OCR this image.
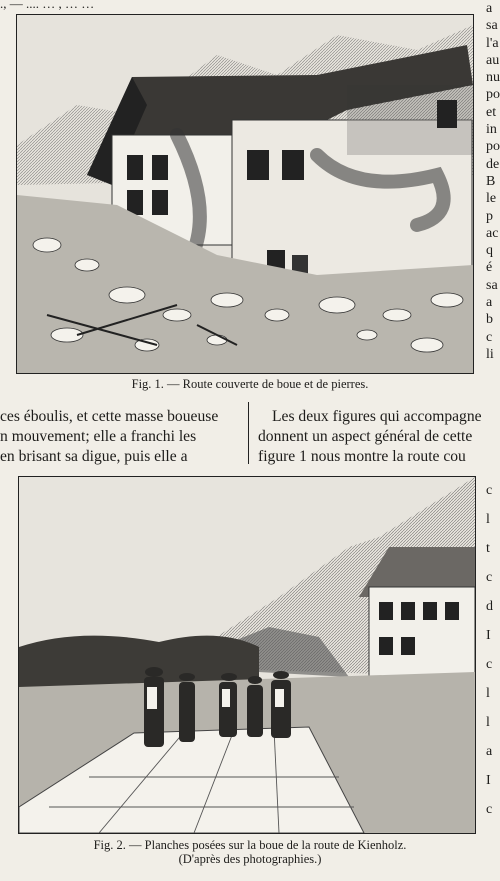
., — .... … , … …
Fig. 1. — Route couverte de boue et de pierres.
a
sa
l'a
au
nu
po
et
in
po
de
B
le
p
ac
q
é
sa
a
b
c
li
ces éboulis, et cette masse boueuse
n mouvement; elle a franchi les
en brisant sa digue, puis elle a
Les deux figures qui accompagne
donnent un aspect général de cette
figure 1 nous montre la route cou
Fig. 2. — Planches posées sur la boue de la route de Kienholz.
(D'après des photographies.)
c
l
t
c
d
I
c
l
l
a
I
c
